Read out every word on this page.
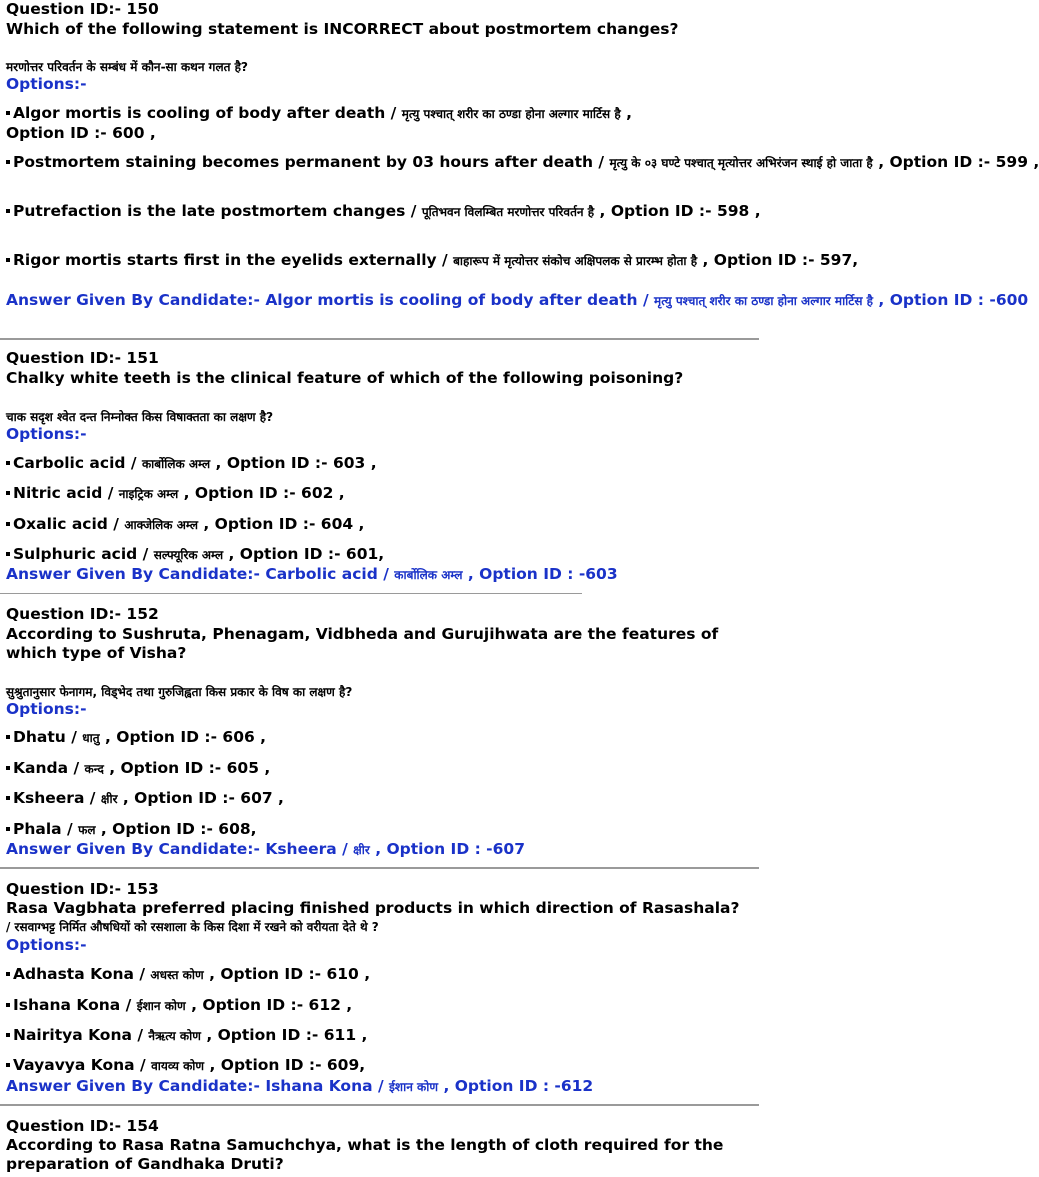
Question ID:- 150
Which of the following statement is INCORRECT about postmortem changes?
मरणोत्तर परिवर्तन के सम्बंध में कौन-सा कथन गलत है?
Options:-
Algor mortis is cooling of body after death / मृत्यु पश्चात् शरीर का ठण्डा होना अल्गार मार्टिस है ,
Option ID :- 600 ,
Postmortem staining becomes permanent by 03 hours after death / मृत्यु के ०३ घण्टे पश्चात् मृत्योत्तर अभिरंजन स्थाई हो जाता है , Option ID :- 599 ,
Putrefaction is the late postmortem changes / पूतिभवन विलम्बित मरणोत्तर परिवर्तन है , Option ID :- 598 ,
Rigor mortis starts first in the eyelids externally / बाहारूप में मृत्योत्तर संकोच अक्षिपलक से प्रारम्भ होता है , Option ID :- 597,
Answer Given By Candidate:- Algor mortis is cooling of body after death / मृत्यु पश्चात् शरीर का ठण्डा होना अल्गार मार्टिस है , Option ID : -600
Question ID:- 151
Chalky white teeth is the clinical feature of which of the following poisoning?
चाक सदृश श्वेत दन्त निम्नोक्त किस विषाक्तता का लक्षण है?
Options:-
Carbolic acid / कार्बोलिक अम्ल , Option ID :- 603 ,
Nitric acid / नाइट्रिक अम्ल , Option ID :- 602 ,
Oxalic acid / आक्जेलिक अम्ल , Option ID :- 604 ,
Sulphuric acid / सल्फ्यूरिक अम्ल , Option ID :- 601,
Answer Given By Candidate:- Carbolic acid / कार्बोलिक अम्ल , Option ID : -603
Question ID:- 152
According to Sushruta, Phenagam, Vidbheda and Gurujihwata are the features of which type of Visha?
सुश्रुतानुसार फेनागम, विड्भेद तथा गुरुजिह्वता किस प्रकार के विष का लक्षण है?
Options:-
Dhatu / धातु , Option ID :- 606 ,
Kanda / कन्द , Option ID :- 605 ,
Ksheera / क्षीर , Option ID :- 607 ,
Phala / फल , Option ID :- 608,
Answer Given By Candidate:- Ksheera / क्षीर , Option ID : -607
Question ID:- 153
Rasa Vagbhata preferred placing finished products in which direction of Rasashala?
/ रसवाग्भट्ट निर्मित औषधियों को रसशाला के किस दिशा में रखने को वरीयता देते थे ?
Options:-
Adhasta Kona / अधस्त कोण , Option ID :- 610 ,
Ishana Kona / ईशान कोण , Option ID :- 612 ,
Nairitya Kona / नैऋत्य कोण , Option ID :- 611 ,
Vayavya Kona / वायव्य कोण , Option ID :- 609,
Answer Given By Candidate:- Ishana Kona / ईशान कोण , Option ID : -612
Question ID:- 154
According to Rasa Ratna Samuchchya, what is the length of cloth required for the preparation of Gandhaka Druti?
